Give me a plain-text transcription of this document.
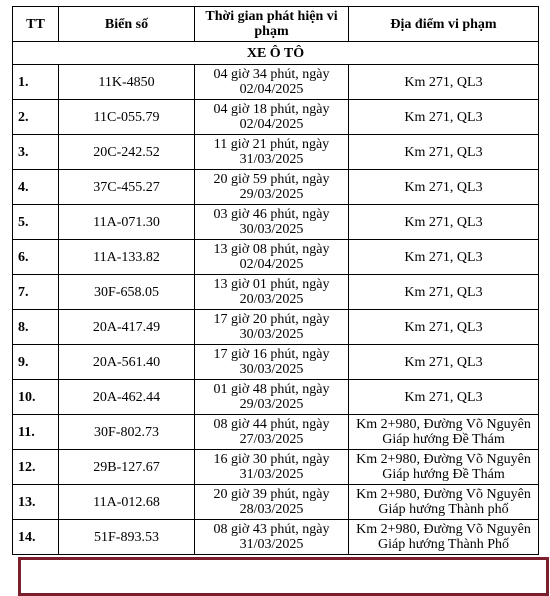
TT	Biển số	Thời gian phát hiện vi phạm	Địa điểm vi phạm
XE Ô TÔ			
1.	11K-4850	04 giờ 34 phút, ngày
02/04/2025	Km 271, QL3

2.	11C-055.79	04 giờ 18 phút, ngày
02/04/2025	Km 271, QL3

3.	20C-242.52	11 giờ 21 phút, ngày
31/03/2025	Km 271, QL3

4.	37C-455.27	20 giờ 59 phút, ngày
29/03/2025	Km 271, QL3

5.	11A-071.30	03 giờ 46 phút, ngày
30/03/2025	Km 271, QL3

6.	11A-133.82	13 giờ 08 phút, ngày
02/04/2025	Km 271, QL3

7.	30F-658.05	13 giờ 01 phút, ngày
20/03/2025	Km 271, QL3

8.	20A-417.49	17 giờ 20 phút, ngày
30/03/2025	Km 271, QL3

9.	20A-561.40	17 giờ 16 phút, ngày
30/03/2025	Km 271, QL3

10.	20A-462.44	01 giờ 48 phút, ngày
29/03/2025	Km 271, QL3

11.	30F-802.73	08 giờ 44 phút, ngày
27/03/2025	Km 2+980, Đường Võ Nguyên
Giáp hướng Đề Thám

12.	29B-127.67	16 giờ 30 phút, ngày
31/03/2025	Km 2+980, Đường Võ Nguyên
Giáp hướng Đề Thám

13.	11A-012.68	20 giờ 39 phút, ngày
28/03/2025	Km 2+980, Đường Võ Nguyên
Giáp hướng Thành phố

14.	51F-893.53	08 giờ 43 phút, ngày
31/03/2025	Km 2+980, Đường Võ Nguyên
Giáp hướng Thành Phố
